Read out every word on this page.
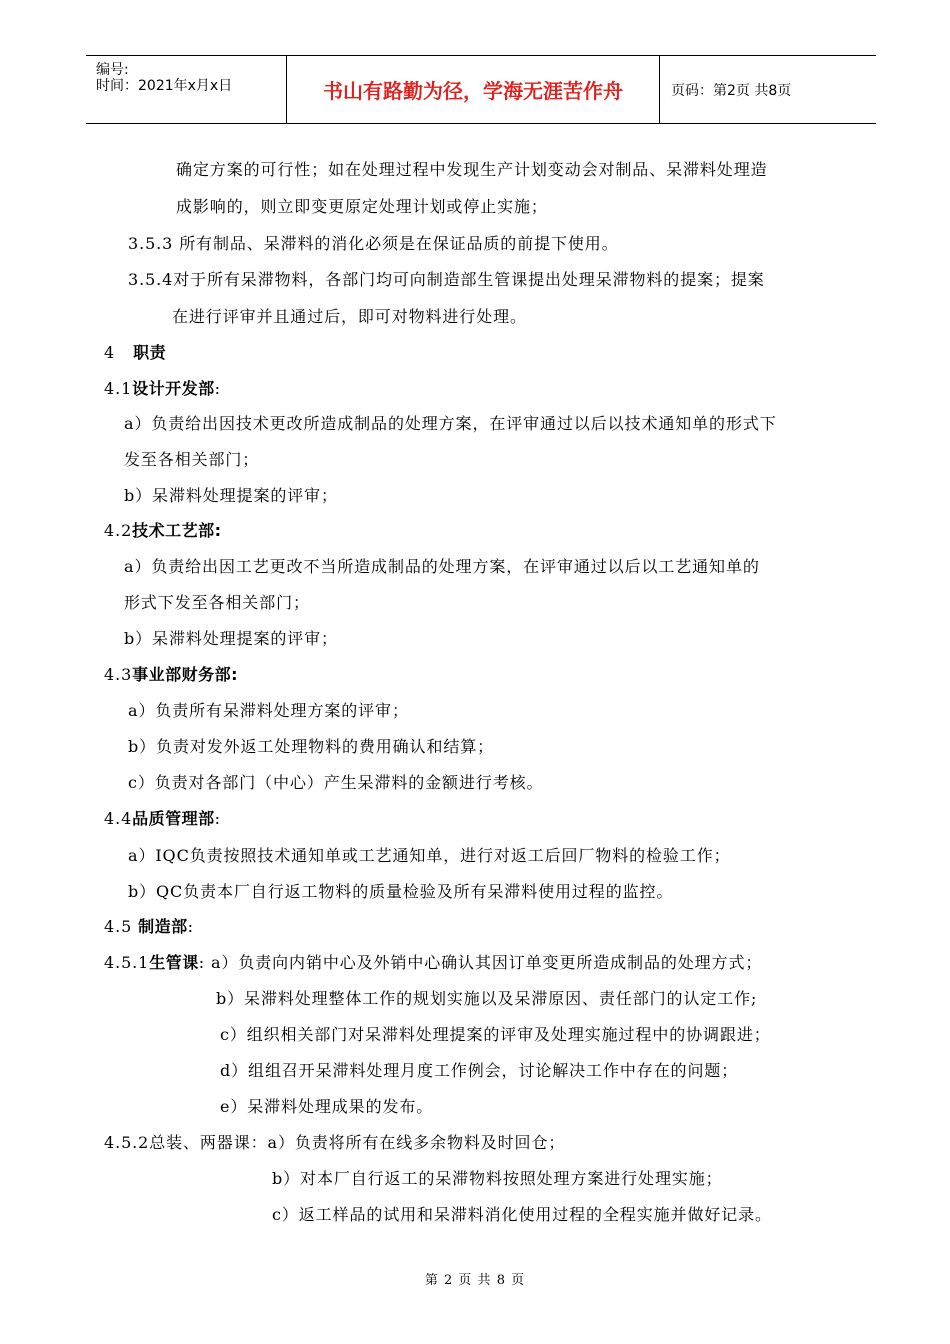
编号:
时间：2021年x月x日	书山有路勤为径，学海无涯苦作舟	页码：第2页 共8页
确定方案的可行性；如在处理过程中发现生产计划变动会对制品、呆滞料处理造
成影响的，则立即变更原定处理计划或停止实施；
3.5.3 所有制品、呆滞料的消化必须是在保证品质的前提下使用。
3.5.4对于所有呆滞物料，各部门均可向制造部生管课提出处理呆滞物料的提案；提案
在进行评审并且通过后，即可对物料进行处理。
4 职责
4.1设计开发部:
a）负责给出因技术更改所造成制品的处理方案，在评审通过以后以技术通知单的形式下
发至各相关部门；
b）呆滞料处理提案的评审；
4.2技术工艺部:
a）负责给出因工艺更改不当所造成制品的处理方案，在评审通过以后以工艺通知单的
形式下发至各相关部门；
b）呆滞料处理提案的评审；
4.3事业部财务部:
a）负责所有呆滞料处理方案的评审；
b）负责对发外返工处理物料的费用确认和结算；
c）负责对各部门（中心）产生呆滞料的金额进行考核。
4.4品质管理部:
a）IQC负责按照技术通知单或工艺通知单，进行对返工后回厂物料的检验工作；
b）QC负责本厂自行返工物料的质量检验及所有呆滞料使用过程的监控。
4.5 制造部:
4.5.1生管课: a）负责向内销中心及外销中心确认其因订单变更所造成制品的处理方式；
b）呆滞料处理整体工作的规划实施以及呆滞原因、责任部门的认定工作;
c）组织相关部门对呆滞料处理提案的评审及处理实施过程中的协调跟进；
d）组组召开呆滞料处理月度工作例会，讨论解决工作中存在的问题；
e）呆滞料处理成果的发布。
4.5.2总装、两器课：a）负责将所有在线多余物料及时回仓；
b）对本厂自行返工的呆滞物料按照处理方案进行处理实施；
c）返工样品的试用和呆滞料消化使用过程的全程实施并做好记录。
第 2 页 共 8 页
